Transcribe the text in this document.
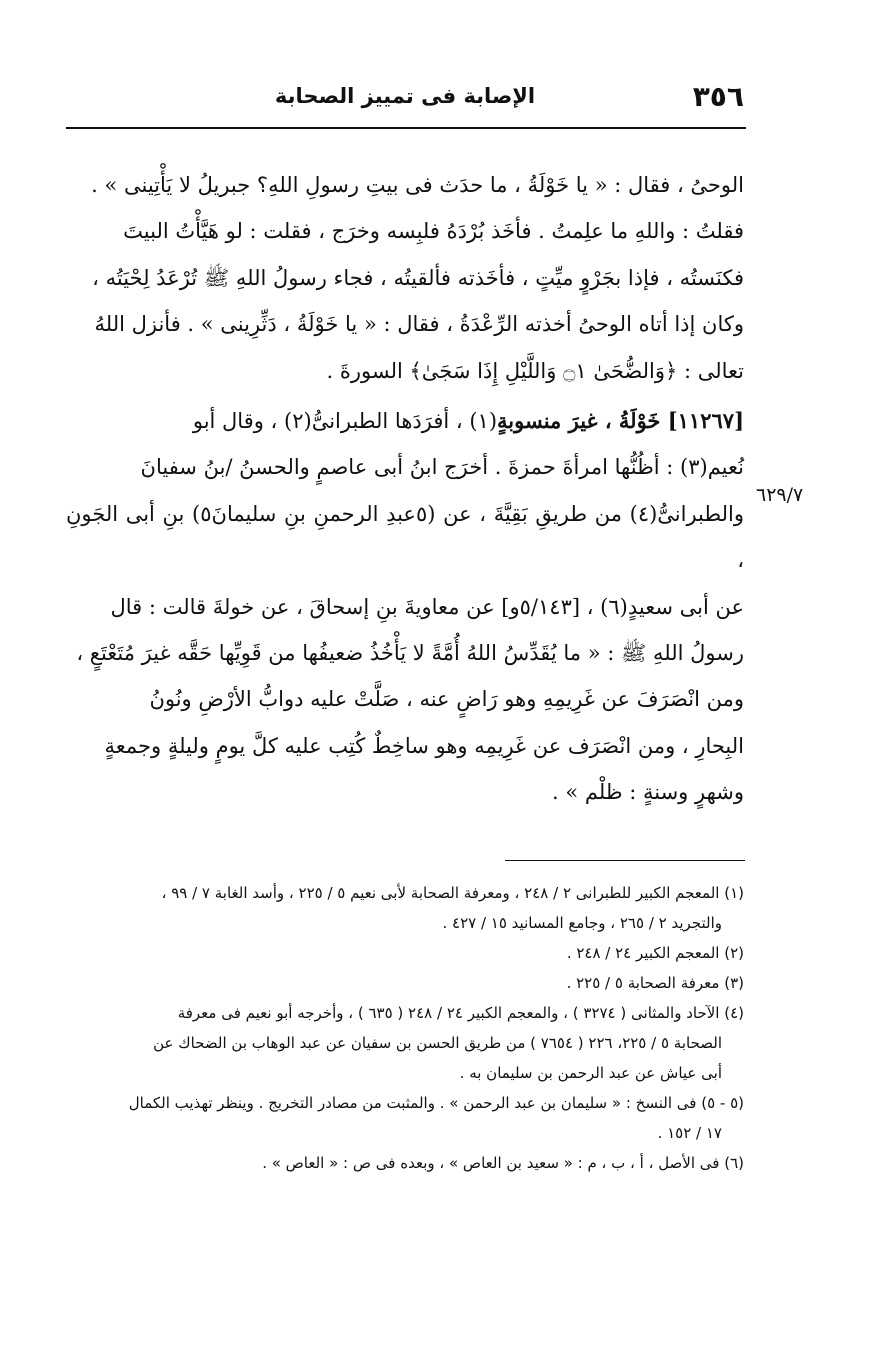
الإصابة فى تمييز الصحابة	٣٥٦
٦٢٩/٧

الوحىُ ، فقال : « يا خَوْلَةُ ، ما حدَث فى بيتِ رسولِ اللهِ؟ جبريلُ لا يَأْتِينى » .

فقلتُ : واللهِ ما علِمتُ . فأخَذ بُرْدَهُ فلبِسه وخرَج ، فقلت : لو هَيَّأْتُ البيتَ

فكنَستُه ، فإذا بجَرْوٍ ميِّتٍ ، فأخَذته فألقيتُه ، فجاء رسولُ اللهِ ﷺ تُرْعَدُ لِحْيَتُه ،

وكان إذا أتاه الوحىُ أخذته الرِّعْدَةُ ، فقال : « يا خَوْلَةُ ، دَثِّرِينى » . فأنزل اللهُ

تعالى : ﴿وَالضُّحَىٰ ۝١ وَاللَّيْلِ إِذَا سَجَىٰ﴾ السورةَ .

[١١٢٦٧] خَوْلَةُ ، غيرَ منسوبةٍ(١) ، أفرَدَها الطبرانىُّ(٢) ، وقال أبو

نُعيم(٣) : أظُنُّها امرأةَ حمزةَ . أخرَج ابنُ أبى عاصمٍ والحسنُ /بنُ سفيانَ

والطبرانىُّ(٤) من طريقِ بَقِيَّةَ ، عن (٥عبدِ الرحمنِ بنِ سليمانَ٥) بنِ أبى الجَونِ ،

عن أبى سعيدٍ(٦) ، [٥/١٤٣و] عن معاويةَ بنِ إسحاقَ ، عن خولةَ قالت : قال

رسولُ اللهِ ﷺ : « ما يُقَدِّسُ اللهُ أُمَّةً لا يَأْخُذُ ضعيفُها من قَوِيِّها حَقَّه غيرَ مُتَعْتَعٍ ،

ومن انْصَرَفَ عن غَرِيمِهِ وهو رَاضٍ عنه ، صَلَّتْ عليه دوابُّ الأرْضِ ونُونُ

البِحارِ ، ومن انْصَرَف عن غَرِيمِه وهو ساخِطٌ كُتِب عليه كلَّ يومٍ وليلةٍ وجمعةٍ

وشهرٍ وسنةٍ : ظلْم » .

(١) المعجم الكبير للطبرانى ٢ / ٢٤٨ ، ومعرفة الصحابة لأبى نعيم ٥ / ٢٢٥ ، وأسد الغابة ٧ / ٩٩ ،

والتجريد ٢ / ٢٦٥ ، وجامع المسانيد ١٥ / ٤٢٧ .

(٢) المعجم الكبير ٢٤ / ٢٤٨ .

(٣) معرفة الصحابة ٥ / ٢٢٥ .

(٤) الآحاد والمثانى ( ٣٢٧٤ ) ، والمعجم الكبير ٢٤ / ٢٤٨ ( ٦٣٥ ) ، وأخرجه أبو نعيم فى معرفة

الصحابة ٥ / ٢٢٥، ٢٢٦ ( ٧٦٥٤ ) من طريق الحسن بن سفيان عن عبد الوهاب بن الضحاك عن

أبى عياش عن عبد الرحمن بن سليمان به .

(٥ - ٥) فى النسخ : « سليمان بن عبد الرحمن » . والمثبت من مصادر التخريج . وينظر تهذيب الكمال

١٧ / ١٥٢ .

(٦) فى الأصل ، أ ، ب ، م : « سعيد بن العاص » ، وبعده فى ص : « العاص » .
